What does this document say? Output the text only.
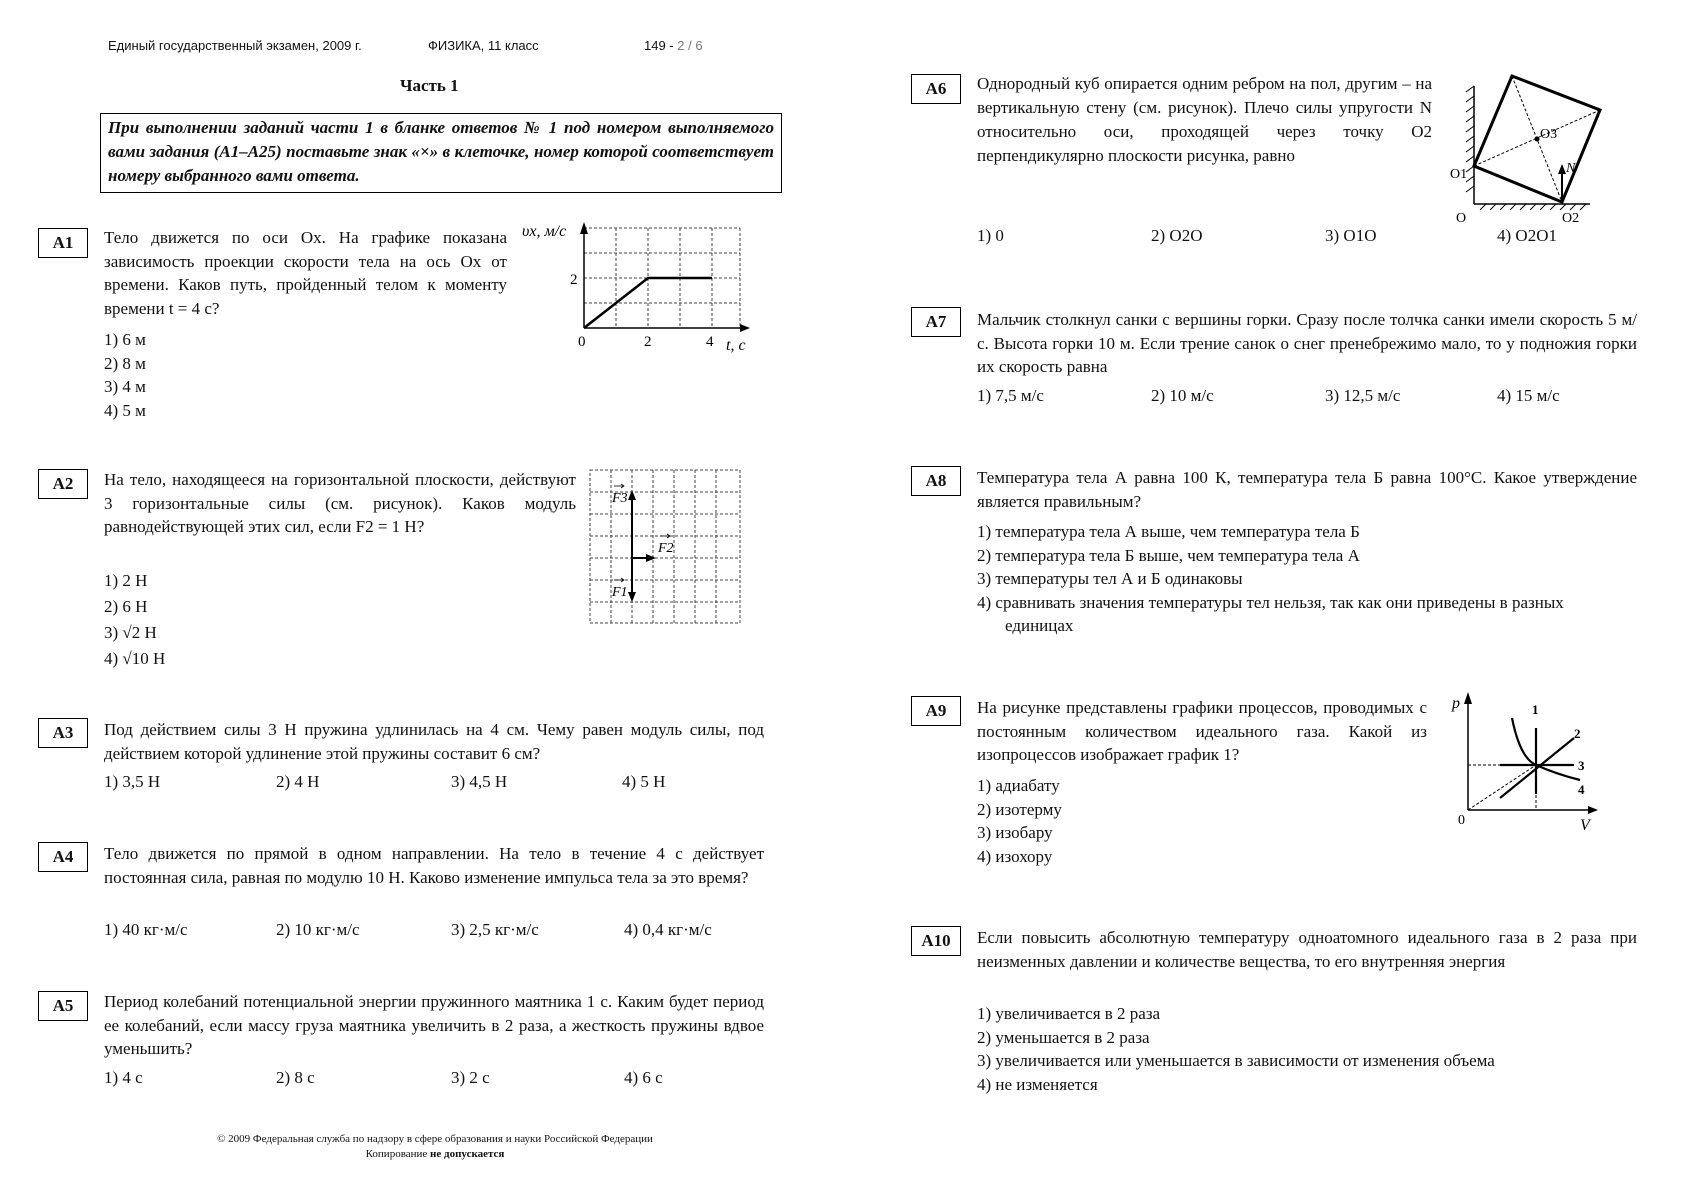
Единый государственный экзамен, 2009 г.	ФИЗИКА, 11 класс	149 - 2 / 6
Часть 1
При выполнении заданий части 1 в бланке ответов № 1 под номером выполняемого вами задания (А1–А25) поставьте знак «×» в клеточке, номер которой соответствует номеру выбранного вами ответа.
А1	Тело движется по оси Ox. На графике показана зависимость проекции скорости тела на ось Ox от времени. Каков путь, пройденный телом к моменту времени t = 4 с?
1) 6 м
2) 8 м
3) 4 м
4) 5 м
υx, м/с
2
0	2	4 t, с
А2	На тело, находящееся на горизонтальной плоскости, действуют 3 горизонтальные силы (см. рисунок). Каков модуль равнодействующей этих сил, если F2 = 1 Н?
1) 2 Н
2) 6 Н
3) √2 Н
4) √10 Н
F3
F2
F1
А3	Под действием силы 3 Н пружина удлинилась на 4 см. Чему равен модуль силы, под действием которой удлинение этой пружины составит 6 см?
1) 3,5 Н	2) 4 Н	3) 4,5 Н	4) 5 Н
А4	Тело движется по прямой в одном направлении. На тело в течение 4 с действует постоянная сила, равная по модулю 10 Н. Каково изменение импульса тела за это время?
1) 40 кг·м/с	2) 10 кг·м/с	3) 2,5 кг·м/с	4) 0,4 кг·м/с
А5	Период колебаний потенциальной энергии пружинного маятника 1 с. Каким будет период ее колебаний, если массу груза маятника увеличить в 2 раза, а жесткость пружины вдвое уменьшить?
1) 4 с	2) 8 с	3) 2 с	4) 6 с
А6	Однородный куб опирается одним ребром на пол, другим – на вертикальную стену (см. рисунок). Плечо силы упругости N относительно оси, проходящей через точку O2 перпендикулярно плоскости рисунка, равно
O3
N
O1
O	O2
1) 0	2) O2O	3) O1O	4) O2O1
А7	Мальчик столкнул санки с вершины горки. Сразу после толчка санки имели скорость 5 м/с. Высота горки 10 м. Если трение санок о снег пренебрежимо мало, то у подножия горки их скорость равна
1) 7,5 м/с	2) 10 м/с	3) 12,5 м/с	4) 15 м/с
А8	Температура тела А равна 100 К, температура тела Б равна 100°С. Какое утверждение является правильным?
1) температура тела А выше, чем температура тела Б
2) температура тела Б выше, чем температура тела А
3) температуры тел А и Б одинаковы
4) сравнивать значения температуры тел нельзя, так как они приведены в разных единицах
А9	На рисунке представлены графики процессов, проводимых с постоянным количеством идеального газа. Какой из изопроцессов изображает график 1?
1) адиабату
2) изотерму
3) изобару
4) изохору
p
V
0
1
2
3
4
А10	Если повысить абсолютную температуру одноатомного идеального газа в 2 раза при неизменных давлении и количестве вещества, то его внутренняя энергия
1) увеличивается в 2 раза
2) уменьшается в 2 раза
3) увеличивается или уменьшается в зависимости от изменения объема
4) не изменяется
© 2009 Федеральная служба по надзору в сфере образования и науки Российской Федерации
Копирование не допускается
